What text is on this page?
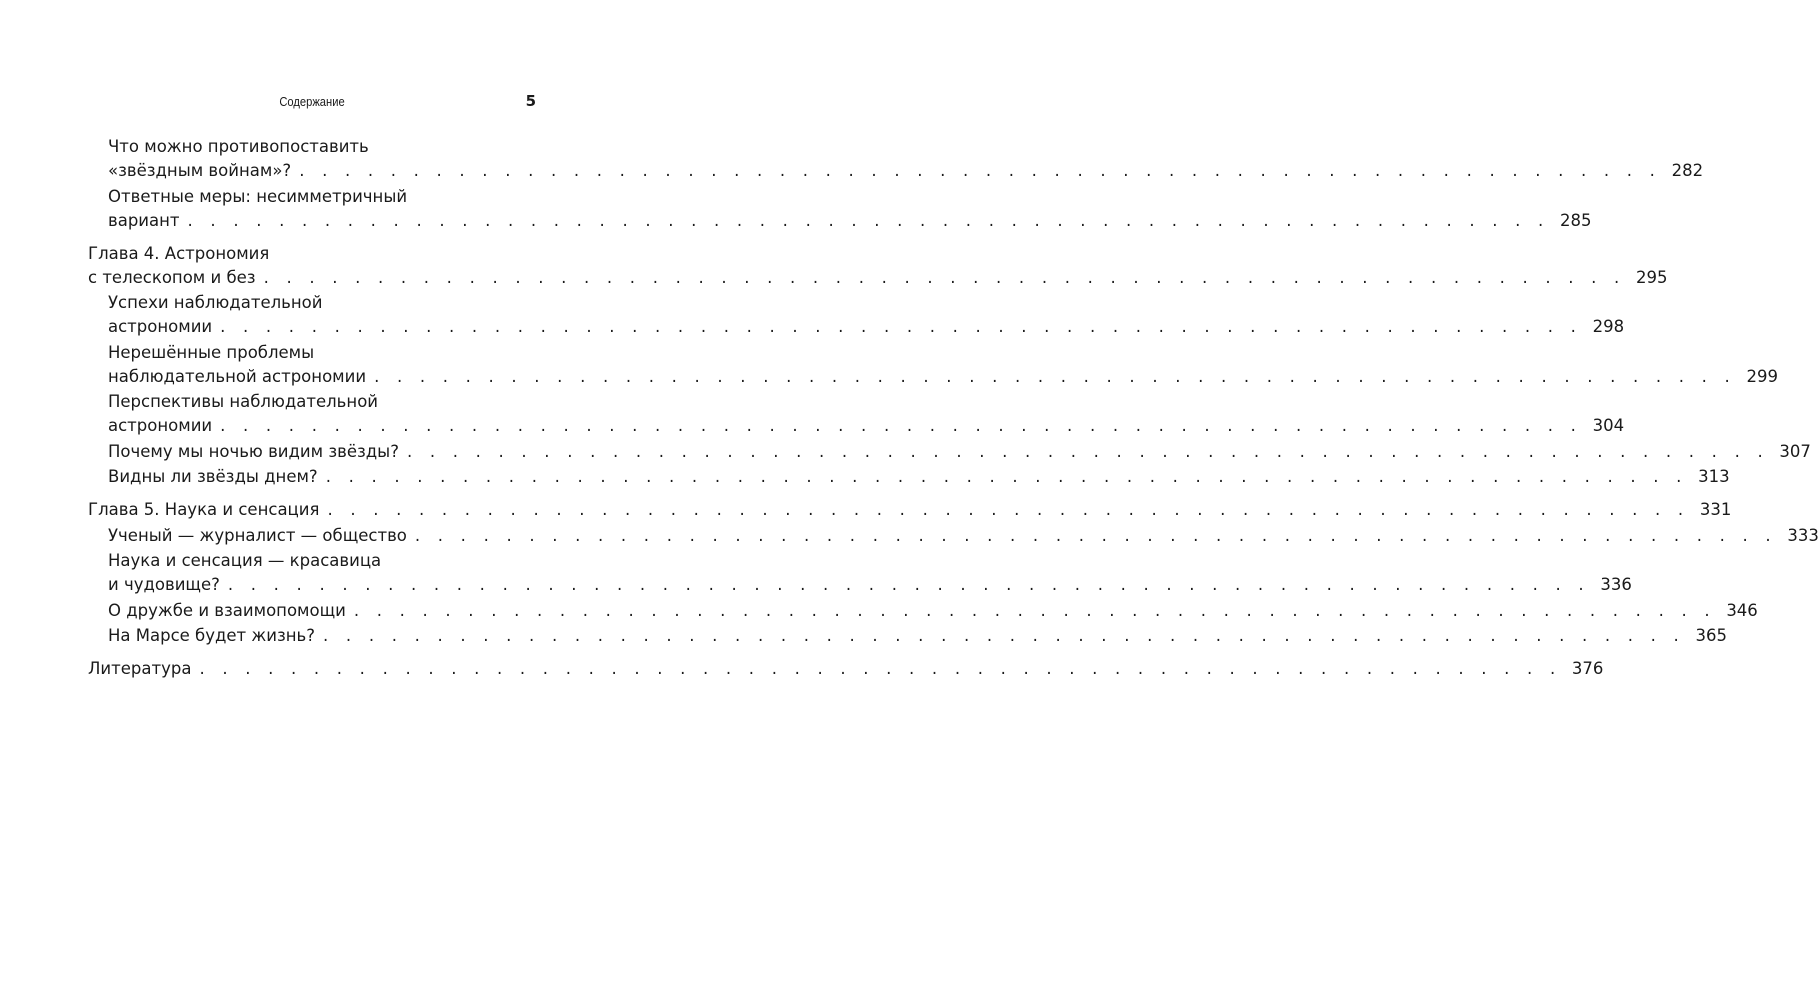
Содержание	5
Что можно противопоставить
«звёздным войнам»? . . . . . . . . . . . . . . . . . . . . . . . . . . . . . . . . . . . . . . . . . . . . . . . . . . . . . . . . . . . . 282
Ответные меры: несимметричный
вариант . . . . . . . . . . . . . . . . . . . . . . . . . . . . . . . . . . . . . . . . . . . . . . . . . . . . . . . . . . . . 285
Глава 4. Астрономия
с телескопом и без . . . . . . . . . . . . . . . . . . . . . . . . . . . . . . . . . . . . . . . . . . . . . . . . . . . . . . . . . . . . 295
Успехи наблюдательной
астрономии . . . . . . . . . . . . . . . . . . . . . . . . . . . . . . . . . . . . . . . . . . . . . . . . . . . . . . . . . . . . 298
Нерешённые проблемы
наблюдательной астрономии . . . . . . . . . . . . . . . . . . . . . . . . . . . . . . . . . . . . . . . . . . . . . . . . . . . . . . . . . . . . 299
Перспективы наблюдательной
астрономии . . . . . . . . . . . . . . . . . . . . . . . . . . . . . . . . . . . . . . . . . . . . . . . . . . . . . . . . . . . . 304
Почему мы ночью видим звёзды? . . . . . . . . . . . . . . . . . . . . . . . . . . . . . . . . . . . . . . . . . . . . . . . . . . . . . . . . . . . . 307
Видны ли звёзды днем? . . . . . . . . . . . . . . . . . . . . . . . . . . . . . . . . . . . . . . . . . . . . . . . . . . . . . . . . . . . . 313
Глава 5. Наука и сенсация . . . . . . . . . . . . . . . . . . . . . . . . . . . . . . . . . . . . . . . . . . . . . . . . . . . . . . . . . . . . 331
Ученый — журналист — общество . . . . . . . . . . . . . . . . . . . . . . . . . . . . . . . . . . . . . . . . . . . . . . . . . . . . . . . . . . . . 333
Наука и сенсация — красавица
и чудовище? . . . . . . . . . . . . . . . . . . . . . . . . . . . . . . . . . . . . . . . . . . . . . . . . . . . . . . . . . . . . 336
О дружбе и взаимопомощи . . . . . . . . . . . . . . . . . . . . . . . . . . . . . . . . . . . . . . . . . . . . . . . . . . . . . . . . . . . . 346
На Марсе будет жизнь? . . . . . . . . . . . . . . . . . . . . . . . . . . . . . . . . . . . . . . . . . . . . . . . . . . . . . . . . . . . . 365
Литература . . . . . . . . . . . . . . . . . . . . . . . . . . . . . . . . . . . . . . . . . . . . . . . . . . . . . . . . . . . . 376
